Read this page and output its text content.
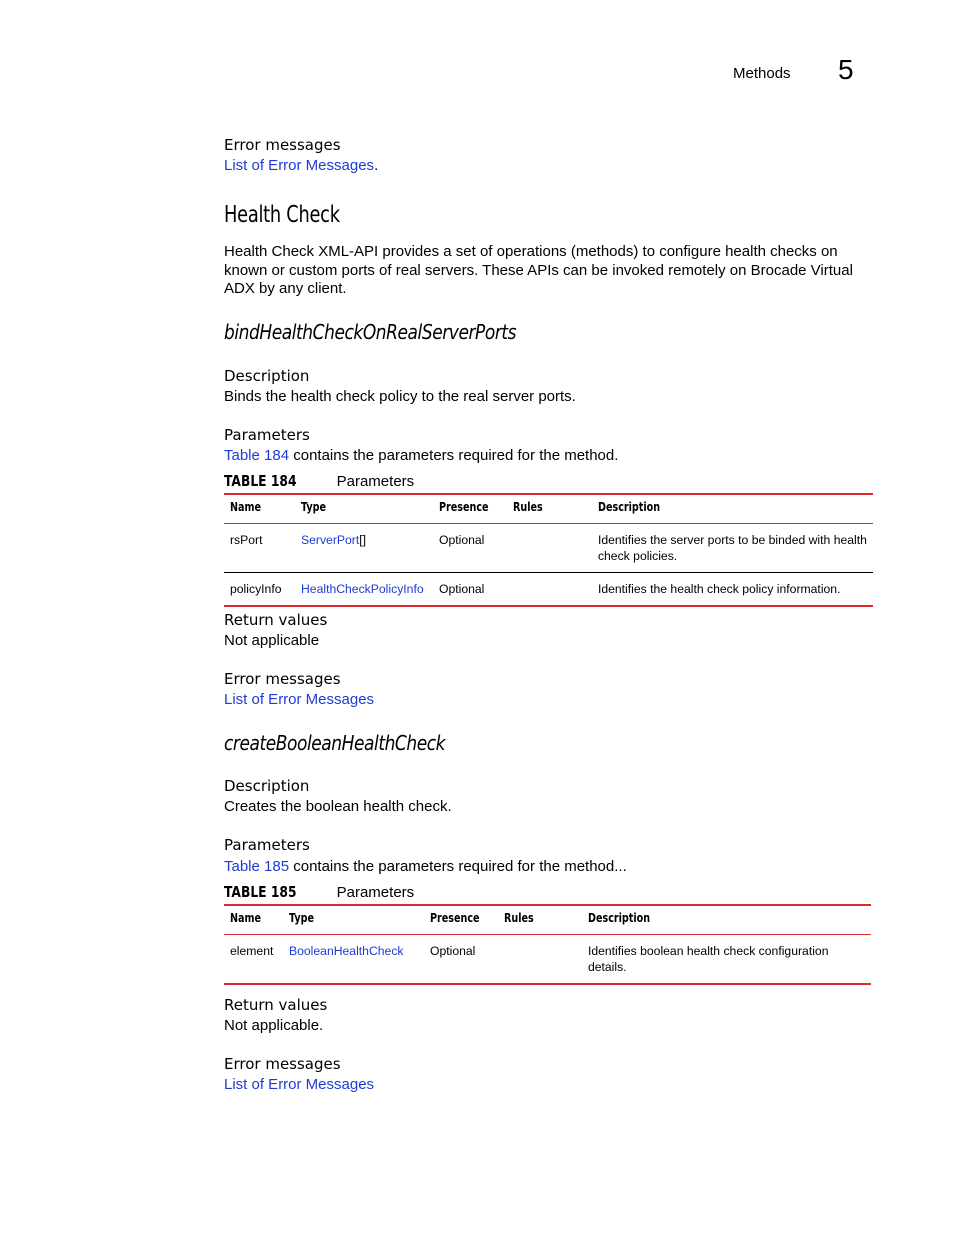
Methods 5
Error messages
List of Error Messages.
Health Check
Health Check XML-API provides a set of operations (methods) to configure health checks on known or custom ports of real servers. These APIs can be invoked remotely on Brocade Virtual ADX by any client.
bindHealthCheckOnRealServerPorts
Description
Binds the health check policy to the real server ports.
Parameters
Table 184 contains the parameters required for the method.
TABLE 184	Parameters
Name	Type	Presence	Rules	Description
rsPort	ServerPort[]	Optional		Identifies the server ports to be binded with health check policies.
policyInfo	HealthCheckPolicyInfo	Optional		Identifies the health check policy information.
Return values
Not applicable
Error messages
List of Error Messages
createBooleanHealthCheck
Description
Creates the boolean health check.
Parameters
Table 185 contains the parameters required for the method...
TABLE 185	Parameters
Name	Type	Presence	Rules	Description
element	BooleanHealthCheck	Optional		Identifies boolean health check configuration details.
Return values
Not applicable.
Error messages
List of Error Messages
